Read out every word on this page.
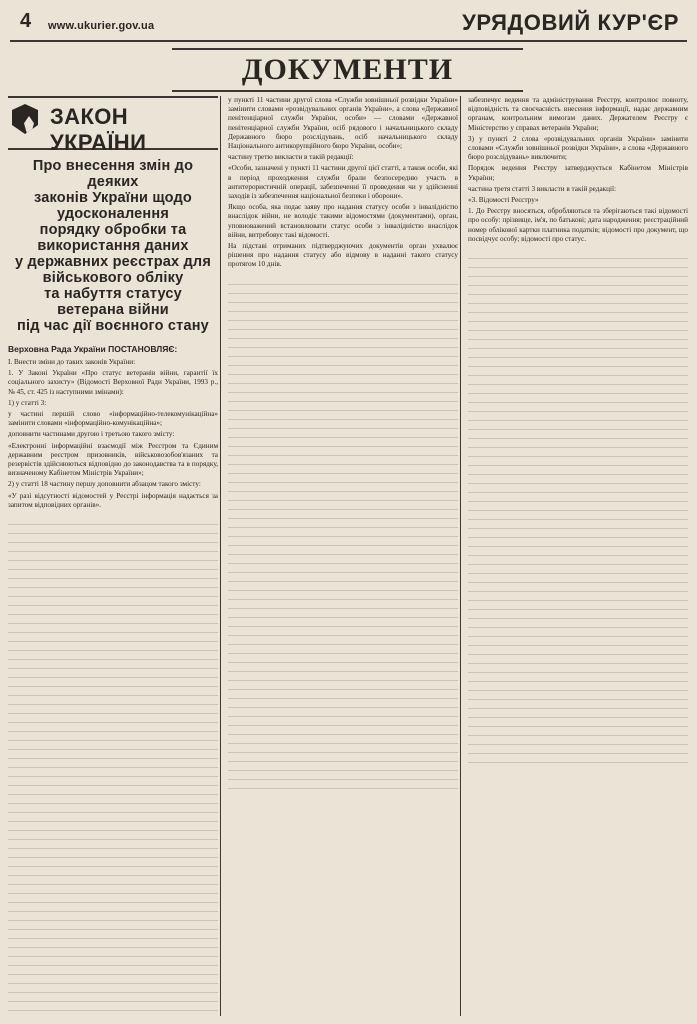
4 www.ukurier.gov.ua	УРЯДОВИЙ КУР'ЄР
ДОКУМЕНТИ
ЗАКОН УКРАЇНИ
Про внесення змін до деяких
законів України щодо удосконалення
порядку обробки та використання даних
у державних реєстрах для військового обліку
та набуття статусу ветерана війни
під час дії воєнного стану
Верховна Рада України ПОСТАНОВЛЯЄ:

I. Внести зміни до таких законів України:

1. У Законі України «Про статус ветеранів війни, гарантії їх соціального захисту» (Відомості Верховної Ради України, 1993 р., № 45, ст. 425 із наступними змінами):

1) у статті 3:

у частині першій слово «інформаційно-телекомунікаційна» замінити словами «інформаційно-комунікаційна»;

доповнити частинами другою і третьою такого змісту:

«Електронні інформаційні взаємодії між Реєстром та Єдиним державним реєстром призовників, військовозобов'язаних та резервістів здійснюються відповідно до законодавства та в порядку, визначеному Кабінетом Міністрів України»;

2) у статті 18 частину першу доповнити абзацом такого змісту:

«У разі відсутності відомостей у Реєстрі інформація надається за запитом відповідних органів».

у пункті 11 частини другої слова «Служби зовнішньої розвідки України» замінити словами «розвідувальних органів України», а слова «Державної пенітенціарної служби України, особи» — словами «Державної пенітенціарної служби України, осіб рядового і начальницького складу Державного бюро розслідувань, осіб начальницького складу Національного антикорупційного бюро України, особи»;

частину третю викласти в такій редакції:

«Особи, зазначені у пункті 11 частини другої цієї статті, а також особи, які в період проходження служби брали безпосередню участь в антитерористичній операції, забезпеченні її проведення чи у здійсненні заходів із забезпечення національної безпеки і оборони».

Якщо особа, яка подає заяву про надання статусу особи з інвалідністю внаслідок війни, не володіє такими відомостями (документами), орган, уповноважений встановлювати статус особи з інвалідністю внаслідок війни, витребовує такі відомості.

На підставі отриманих підтверджуючих документів орган ухвалює рішення про надання статусу або відмову в наданні такого статусу протягом 10 днів.

забезпечує ведення та адміністрування Реєстру, контролює повноту, відповідність та своєчасність внесення інформації, надає державним органам, контрольним вимогам даних. Держателем Реєстру є Міністерство у справах ветеранів України;

3) у пункті 2 слова «розвідувальних органів України» замінити словами «Служби зовнішньої розвідки України», а слова «Державного бюро розслідувань» виключити;

Порядок ведення Реєстру затверджується Кабінетом Міністрів України;

частина третя статті 3 викласти в такій редакції:

«3. Відомості Реєстру»

1. До Реєстру вносяться, обробляються та зберігаються такі відомості про особу: прізвище, ім'я, по батькові; дата народження; реєстраційний номер облікової картки платника податків; відомості про документ, що посвідчує особу; відомості про статус.
